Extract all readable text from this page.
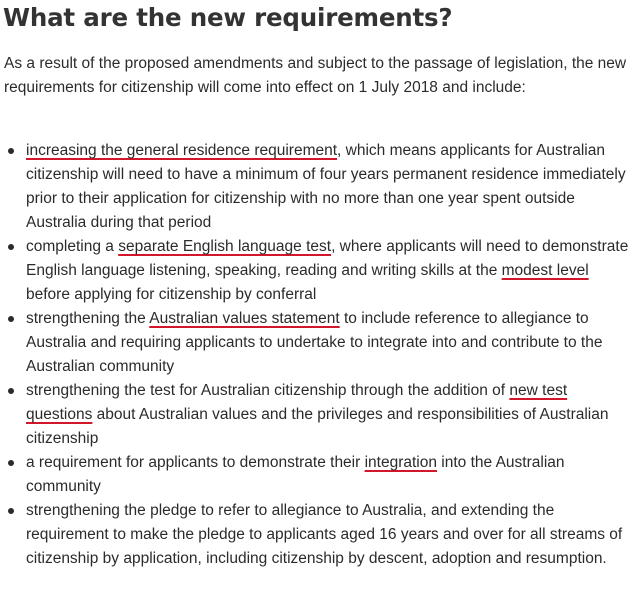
What are the new requirements?

As a result of the proposed amendments and subject to the passage of legislation, the new requirements for citizenship will come into effect on 1 July 2018 and include:

increasing the general residence requirement, which means applicants for Australian citizenship will need to have a minimum of four years permanent residence immediately prior to their application for citizenship with no more than one year spent outside Australia during that period
completing a separate English language test, where applicants will need to demonstrate English language listening, speaking, reading and writing skills at the modest level before applying for citizenship by conferral
strengthening the Australian values statement to include reference to allegiance to Australia and requiring applicants to undertake to integrate into and contribute to the Australian community
strengthening the test for Australian citizenship through the addition of new test questions about Australian values and the privileges and responsibilities of Australian citizenship
a requirement for applicants to demonstrate their integration into the Australian community
strengthening the pledge to refer to allegiance to Australia, and extending the requirement to make the pledge to applicants aged 16 years and over for all streams of citizenship by application, including citizenship by descent, adoption and resumption.
